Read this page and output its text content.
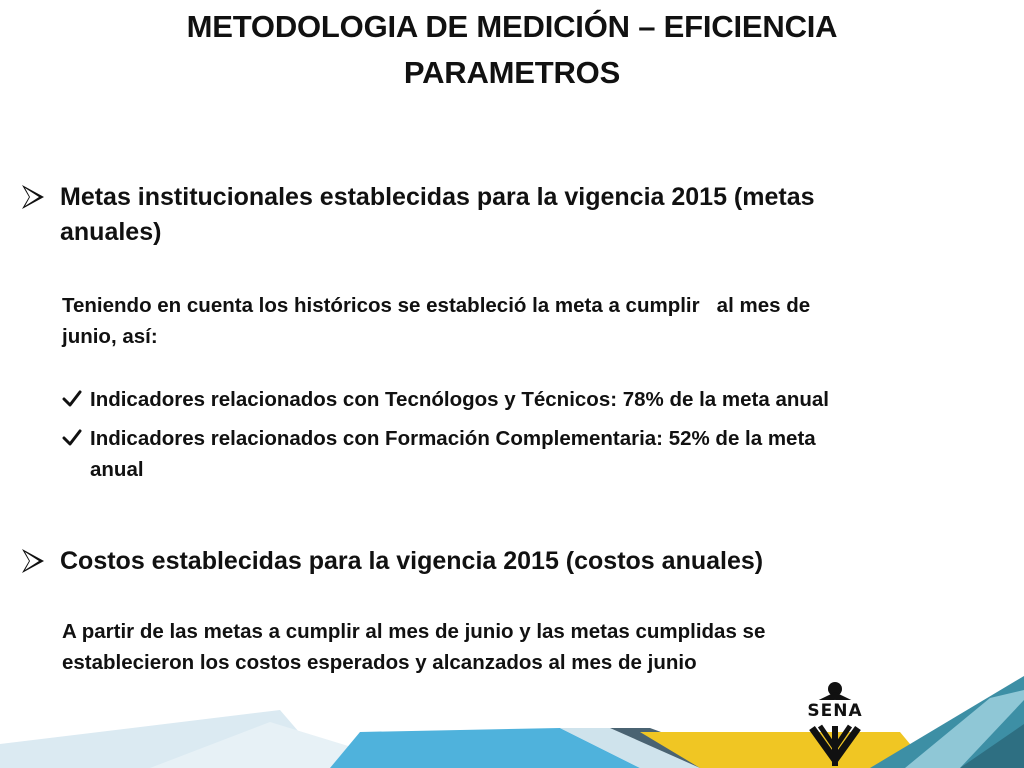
METODOLOGIA DE MEDICIÓN – EFICIENCIA
PARAMETROS
Metas institucionales establecidas para la vigencia 2015 (metas
anuales)
Teniendo en cuenta los históricos se estableció la meta a cumplir   al mes de
junio, así:
Indicadores relacionados con Tecnólogos y Técnicos: 78% de la meta anual
Indicadores relacionados con Formación Complementaria: 52% de la meta
anual
Costos establecidas para la vigencia 2015 (costos anuales)
A partir de las metas a cumplir al mes de junio y las metas cumplidas se
establecieron los costos esperados y alcanzados al mes de junio
SENA
